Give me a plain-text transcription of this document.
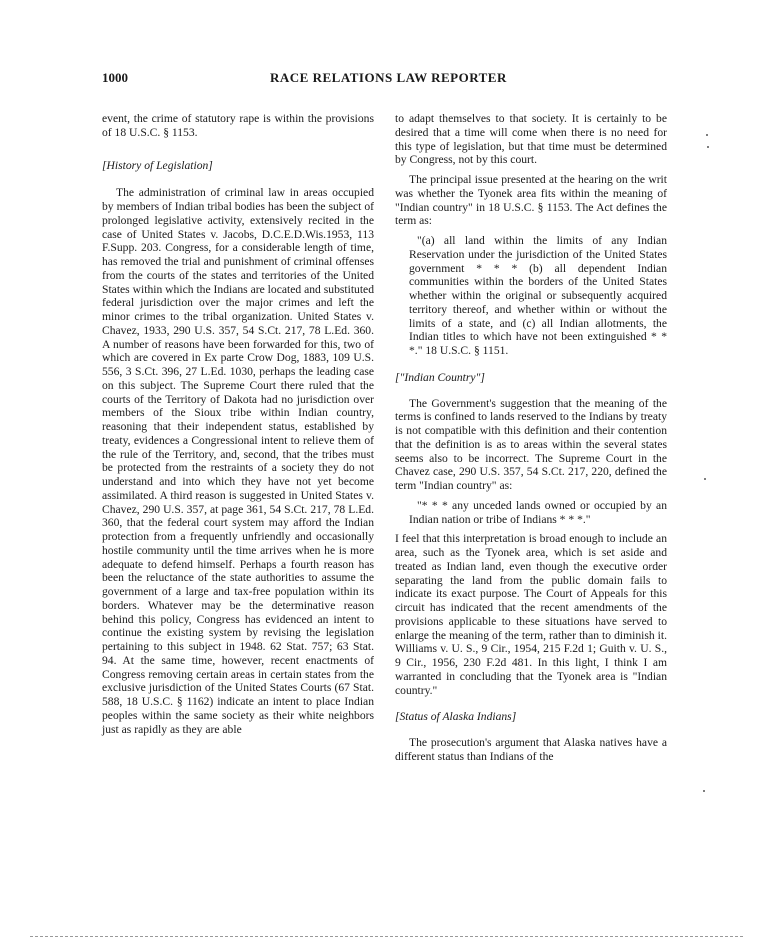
1000	RACE RELATIONS LAW REPORTER

event, the crime of statutory rape is within the provisions of 18 U.S.C. § 1153.

[History of Legislation]

The administration of criminal law in areas occupied by members of Indian tribal bodies has been the subject of prolonged legislative activity, extensively recited in the case of United States v. Jacobs, D.C.E.D.Wis.1953, 113 F.Supp. 203. Congress, for a considerable length of time, has removed the trial and punishment of criminal offenses from the courts of the states and territories of the United States within which the Indians are located and substituted federal jurisdiction over the major crimes and left the minor crimes to the tribal organization. United States v. Chavez, 1933, 290 U.S. 357, 54 S.Ct. 217, 78 L.Ed. 360. A number of reasons have been forwarded for this, two of which are covered in Ex parte Crow Dog, 1883, 109 U.S. 556, 3 S.Ct. 396, 27 L.Ed. 1030, perhaps the leading case on this subject. The Supreme Court there ruled that the courts of the Territory of Dakota had no jurisdiction over members of the Sioux tribe within Indian country, reasoning that their independent status, established by treaty, evidences a Congressional intent to relieve them of the rule of the Territory, and, second, that the tribes must be protected from the restraints of a society they do not understand and into which they have not yet become assimilated. A third reason is suggested in United States v. Chavez, 290 U.S. 357, at page 361, 54 S.Ct. 217, 78 L.Ed. 360, that the federal court system may afford the Indian protection from a frequently unfriendly and occasionally hostile community until the time arrives when he is more adequate to defend himself. Perhaps a fourth reason has been the reluctance of the state authorities to assume the government of a large and tax-free population within its borders. Whatever may be the determinative reason behind this policy, Congress has evidenced an intent to continue the existing system by revising the legislation pertaining to this subject in 1948. 62 Stat. 757; 63 Stat. 94. At the same time, however, recent enactments of Congress removing certain areas in certain states from the exclusive jurisdiction of the United States Courts (67 Stat. 588, 18 U.S.C. § 1162) indicate an intent to place Indian peoples within the same society as their white neighbors just as rapidly as they are able

to adapt themselves to that society. It is certainly to be desired that a time will come when there is no need for this type of legislation, but that time must be determined by Congress, not by this court.

The principal issue presented at the hearing on the writ was whether the Tyonek area fits within the meaning of "Indian country" in 18 U.S.C. § 1153. The Act defines the term as:

"(a) all land within the limits of any Indian Reservation under the jurisdiction of the United States government * * * (b) all dependent Indian communities within the borders of the United States whether within the original or subsequently acquired territory thereof, and whether within or without the limits of a state, and (c) all Indian allotments, the Indian titles to which have not been extinguished * * *." 18 U.S.C. § 1151.

["Indian Country"]

The Government's suggestion that the meaning of the terms is confined to lands reserved to the Indians by treaty is not compatible with this definition and their contention that the definition is as to areas within the several states seems also to be incorrect. The Supreme Court in the Chavez case, 290 U.S. 357, 54 S.Ct. 217, 220, defined the term "Indian country" as:

"* * * any unceded lands owned or occupied by an Indian nation or tribe of Indians * * *."

I feel that this interpretation is broad enough to include an area, such as the Tyonek area, which is set aside and treated as Indian land, even though the executive order separating the land from the public domain fails to indicate its exact purpose. The Court of Appeals for this circuit has indicated that the recent amendments of the provisions applicable to these situations have served to enlarge the meaning of the term, rather than to diminish it. Williams v. U. S., 9 Cir., 1954, 215 F.2d 1; Guith v. U. S., 9 Cir., 1956, 230 F.2d 481. In this light, I think I am warranted in concluding that the Tyonek area is "Indian country."

[Status of Alaska Indians]

The prosecution's argument that Alaska natives have a different status than Indians of the
